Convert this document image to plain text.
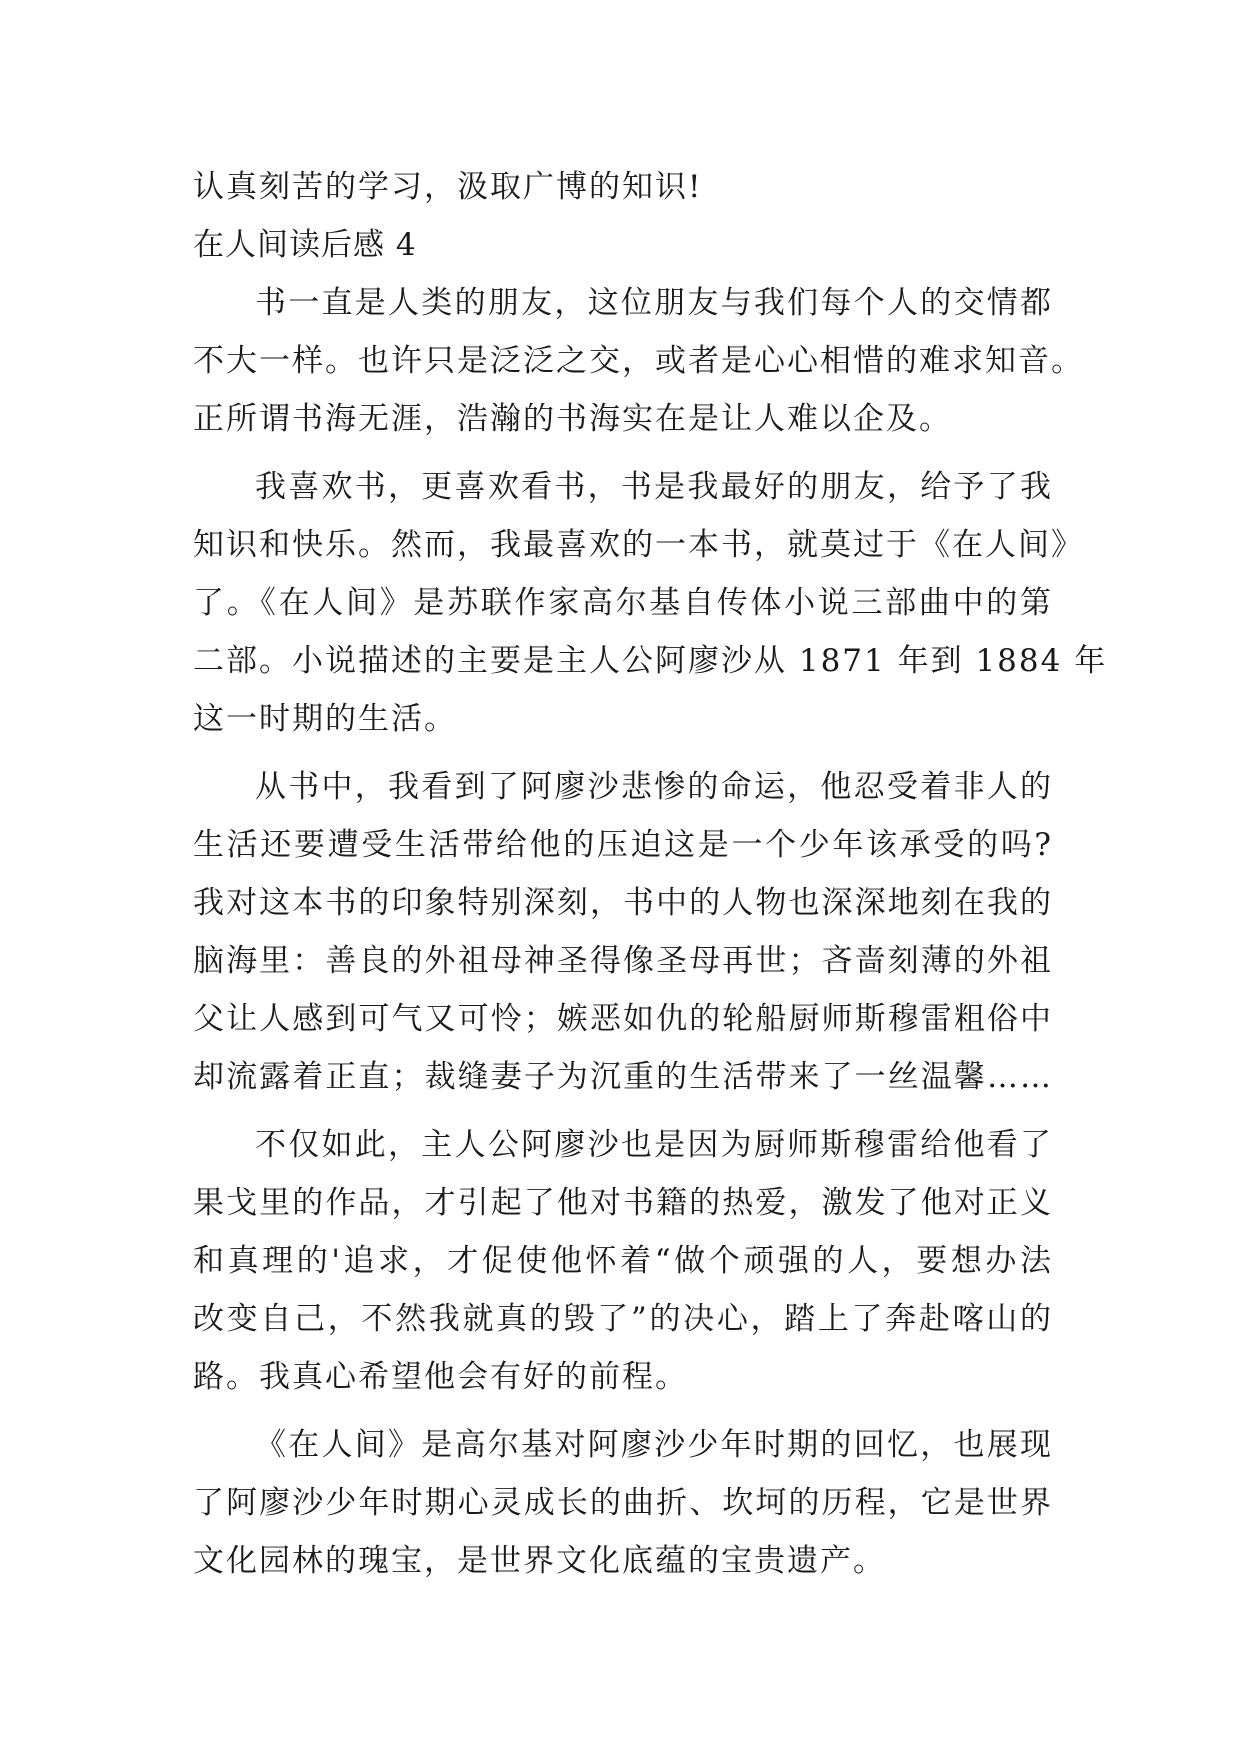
认真刻苦的学习，汲取广博的知识!
在人间读后感 4
书一直是人类的朋友，这位朋友与我们每个人的交情都
不大一样。也许只是泛泛之交，或者是心心相惜的难求知音。
正所谓书海无涯，浩瀚的书海实在是让人难以企及。
我喜欢书，更喜欢看书，书是我最好的朋友，给予了我
知识和快乐。然而，我最喜欢的一本书，就莫过于《在人间》
了。《在人间》是苏联作家高尔基自传体小说三部曲中的第
二部。小说描述的主要是主人公阿廖沙从 1871 年到 1884 年
这一时期的生活。
从书中，我看到了阿廖沙悲惨的命运，他忍受着非人的
生活还要遭受生活带给他的压迫这是一个少年该承受的吗?
我对这本书的印象特别深刻，书中的人物也深深地刻在我的
脑海里：善良的外祖母神圣得像圣母再世；吝啬刻薄的外祖
父让人感到可气又可怜；嫉恶如仇的轮船厨师斯穆雷粗俗中
却流露着正直；裁缝妻子为沉重的生活带来了一丝温馨……
不仅如此，主人公阿廖沙也是因为厨师斯穆雷给他看了
果戈里的作品，才引起了他对书籍的热爱，激发了他对正义
和真理的'追求，才促使他怀着“做个顽强的人，要想办法
改变自己，不然我就真的毁了”的决心，踏上了奔赴喀山的
路。我真心希望他会有好的前程。
《在人间》是高尔基对阿廖沙少年时期的回忆，也展现
了阿廖沙少年时期心灵成长的曲折、坎坷的历程，它是世界
文化园林的瑰宝，是世界文化底蕴的宝贵遗产。
